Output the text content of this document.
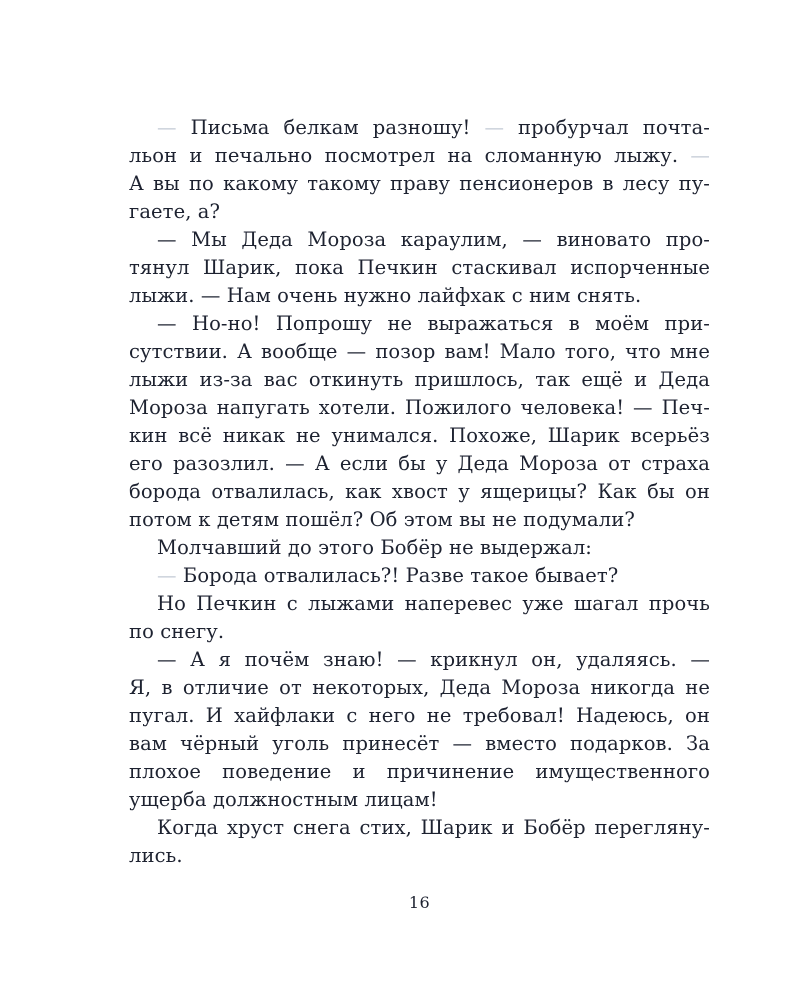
— Письма белкам разношу! — пробурчал почта-
льон и печально посмотрел на сломанную лыжу. —
А вы по какому такому праву пенсионеров в лесу пу-
гаете, а?
— Мы Деда Мороза караулим, — виновато про-
тянул Шарик, пока Печкин стаскивал испорченные
лыжи. — Нам очень нужно лайфхак с ним снять.
— Но-но! Попрошу не выражаться в моём при-
сутствии. А вообще — позор вам! Мало того, что мне
лыжи из-за вас откинуть пришлось, так ещё и Деда
Мороза напугать хотели. Пожилого человека! — Печ-
кин всё никак не унимался. Похоже, Шарик всерьёз
его разозлил. — А если бы у Деда Мороза от страха
борода отвалилась, как хвост у ящерицы? Как бы он
потом к детям пошёл? Об этом вы не подумали?
Молчавший до этого Бобёр не выдержал:
— Борода отвалилась?! Разве такое бывает?
Но Печкин с лыжами наперевес уже шагал прочь
по снегу.
— А я почём знаю! — крикнул он, удаляясь. —
Я, в отличие от некоторых, Деда Мороза никогда не
пугал. И хайфлаки с него не требовал! Надеюсь, он
вам чёрный уголь принесёт — вместо подарков. За
плохое поведение и причинение имущественного
ущерба должностным лицам!
Когда хруст снега стих, Шарик и Бобёр перегляну-
лись.
16
